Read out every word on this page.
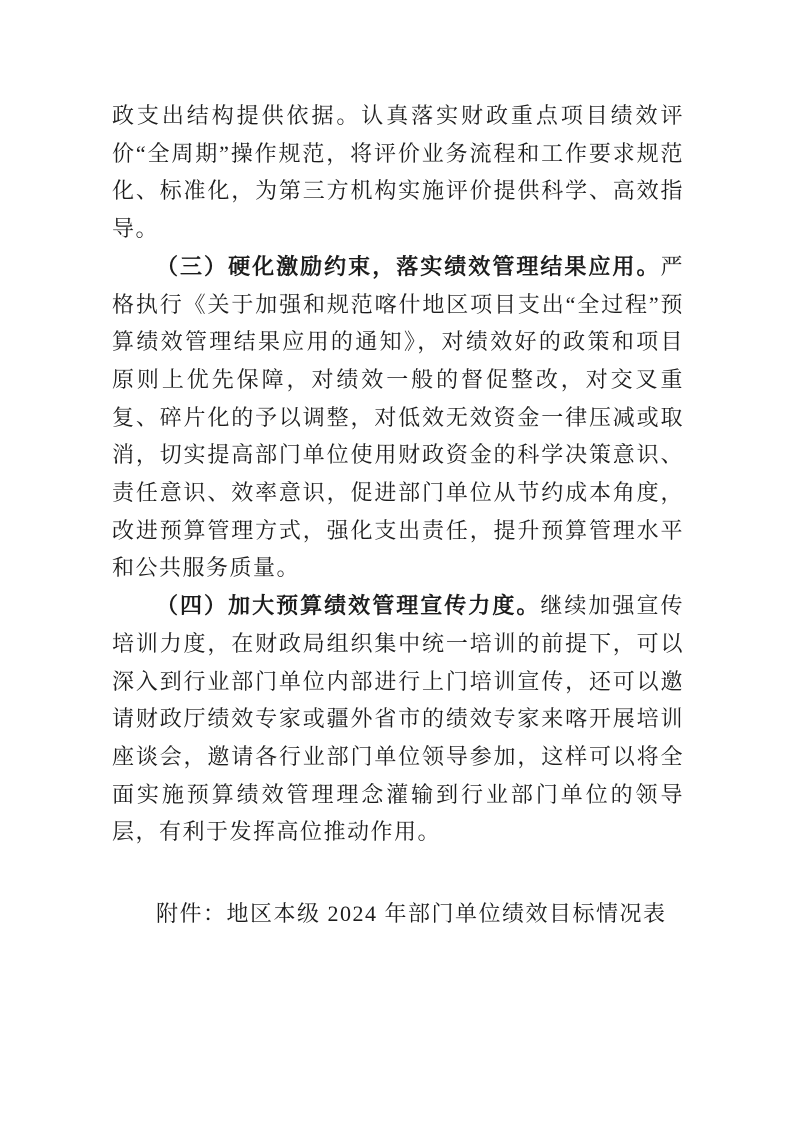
政支出结构提供依据。认真落实财政重点项目绩效评价“全周期”操作规范，将评价业务流程和工作要求规范化、标准化，为第三方机构实施评价提供科学、高效指导。

（三）硬化激励约束，落实绩效管理结果应用。严格执行《关于加强和规范喀什地区项目支出“全过程”预算绩效管理结果应用的通知》，对绩效好的政策和项目原则上优先保障，对绩效一般的督促整改，对交叉重复、碎片化的予以调整，对低效无效资金一律压减或取消，切实提高部门单位使用财政资金的科学决策意识、责任意识、效率意识，促进部门单位从节约成本角度，改进预算管理方式，强化支出责任，提升预算管理水平和公共服务质量。

（四）加大预算绩效管理宣传力度。继续加强宣传培训力度，在财政局组织集中统一培训的前提下，可以深入到行业部门单位内部进行上门培训宣传，还可以邀请财政厅绩效专家或疆外省市的绩效专家来喀开展培训座谈会，邀请各行业部门单位领导参加，这样可以将全面实施预算绩效管理理念灌输到行业部门单位的领导层，有利于发挥高位推动作用。

附件：地区本级 2024 年部门单位绩效目标情况表
